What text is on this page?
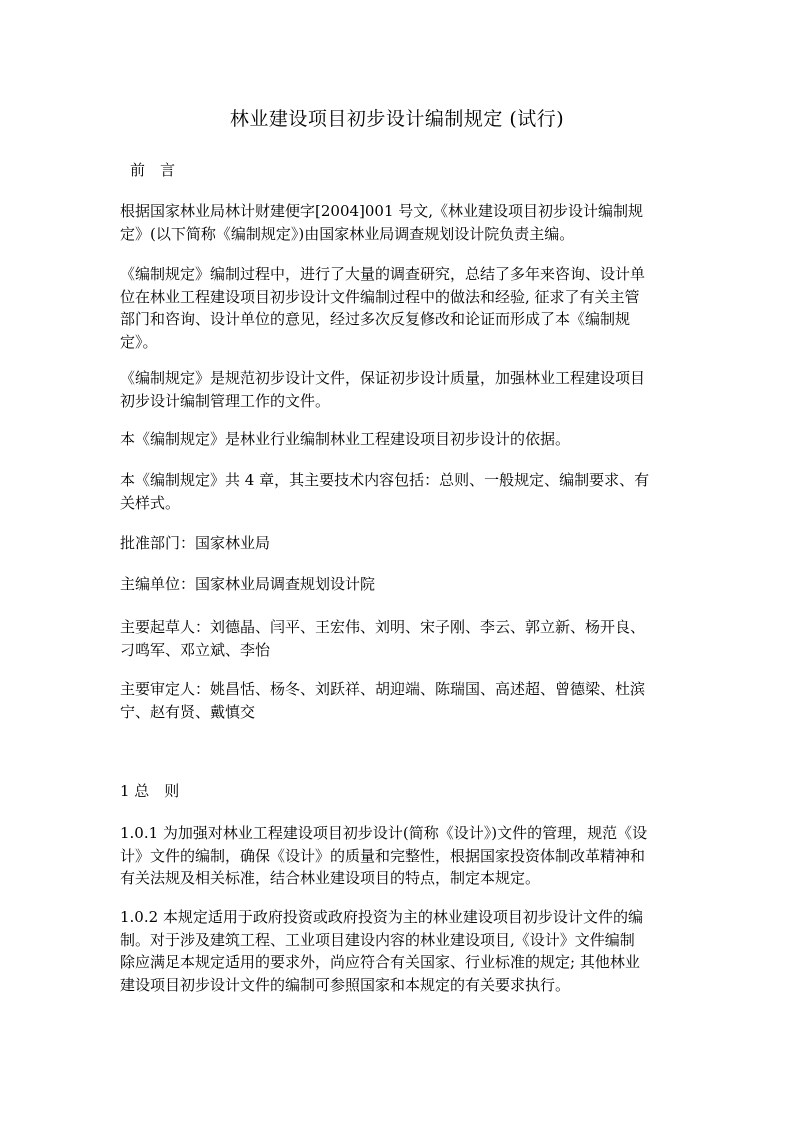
林业建设项目初步设计编制规定 (试行)
前　言
根据国家林业局林计财建便字[2004]001 号文,《林业建设项目初步设计编制规
定》(以下简称《编制规定》)由国家林业局调查规划设计院负责主编。
《编制规定》编制过程中，进行了大量的调查研究，总结了多年来咨询、设计单
位在林业工程建设项目初步设计文件编制过程中的做法和经验, 征求了有关主管
部门和咨询、设计单位的意见，经过多次反复修改和论证而形成了本《编制规
定》。
《编制规定》是规范初步设计文件，保证初步设计质量，加强林业工程建设项目
初步设计编制管理工作的文件。
本《编制规定》是林业行业编制林业工程建设项目初步设计的依据。
本《编制规定》共 4 章，其主要技术内容包括：总则、一般规定、编制要求、有
关样式。
批准部门：国家林业局
主编单位：国家林业局调查规划设计院
主要起草人：刘德晶、闫平、王宏伟、刘明、宋子刚、李云、郭立新、杨开良、
刁鸣军、邓立斌、李怡
主要审定人：姚昌恬、杨冬、刘跃祥、胡迎端、陈瑞国、高述超、曾德梁、杜滨
宁、赵有贤、戴慎交
1 总　则
1.0.1 为加强对林业工程建设项目初步设计(简称《设计》)文件的管理，规范《设
计》文件的编制，确保《设计》的质量和完整性，根据国家投资体制改革精神和
有关法规及相关标准，结合林业建设项目的特点，制定本规定。
1.0.2 本规定适用于政府投资或政府投资为主的林业建设项目初步设计文件的编
制。对于涉及建筑工程、工业项目建设内容的林业建设项目,《设计》文件编制
除应满足本规定适用的要求外，尚应符合有关国家、行业标准的规定; 其他林业
建设项目初步设计文件的编制可参照国家和本规定的有关要求执行。
